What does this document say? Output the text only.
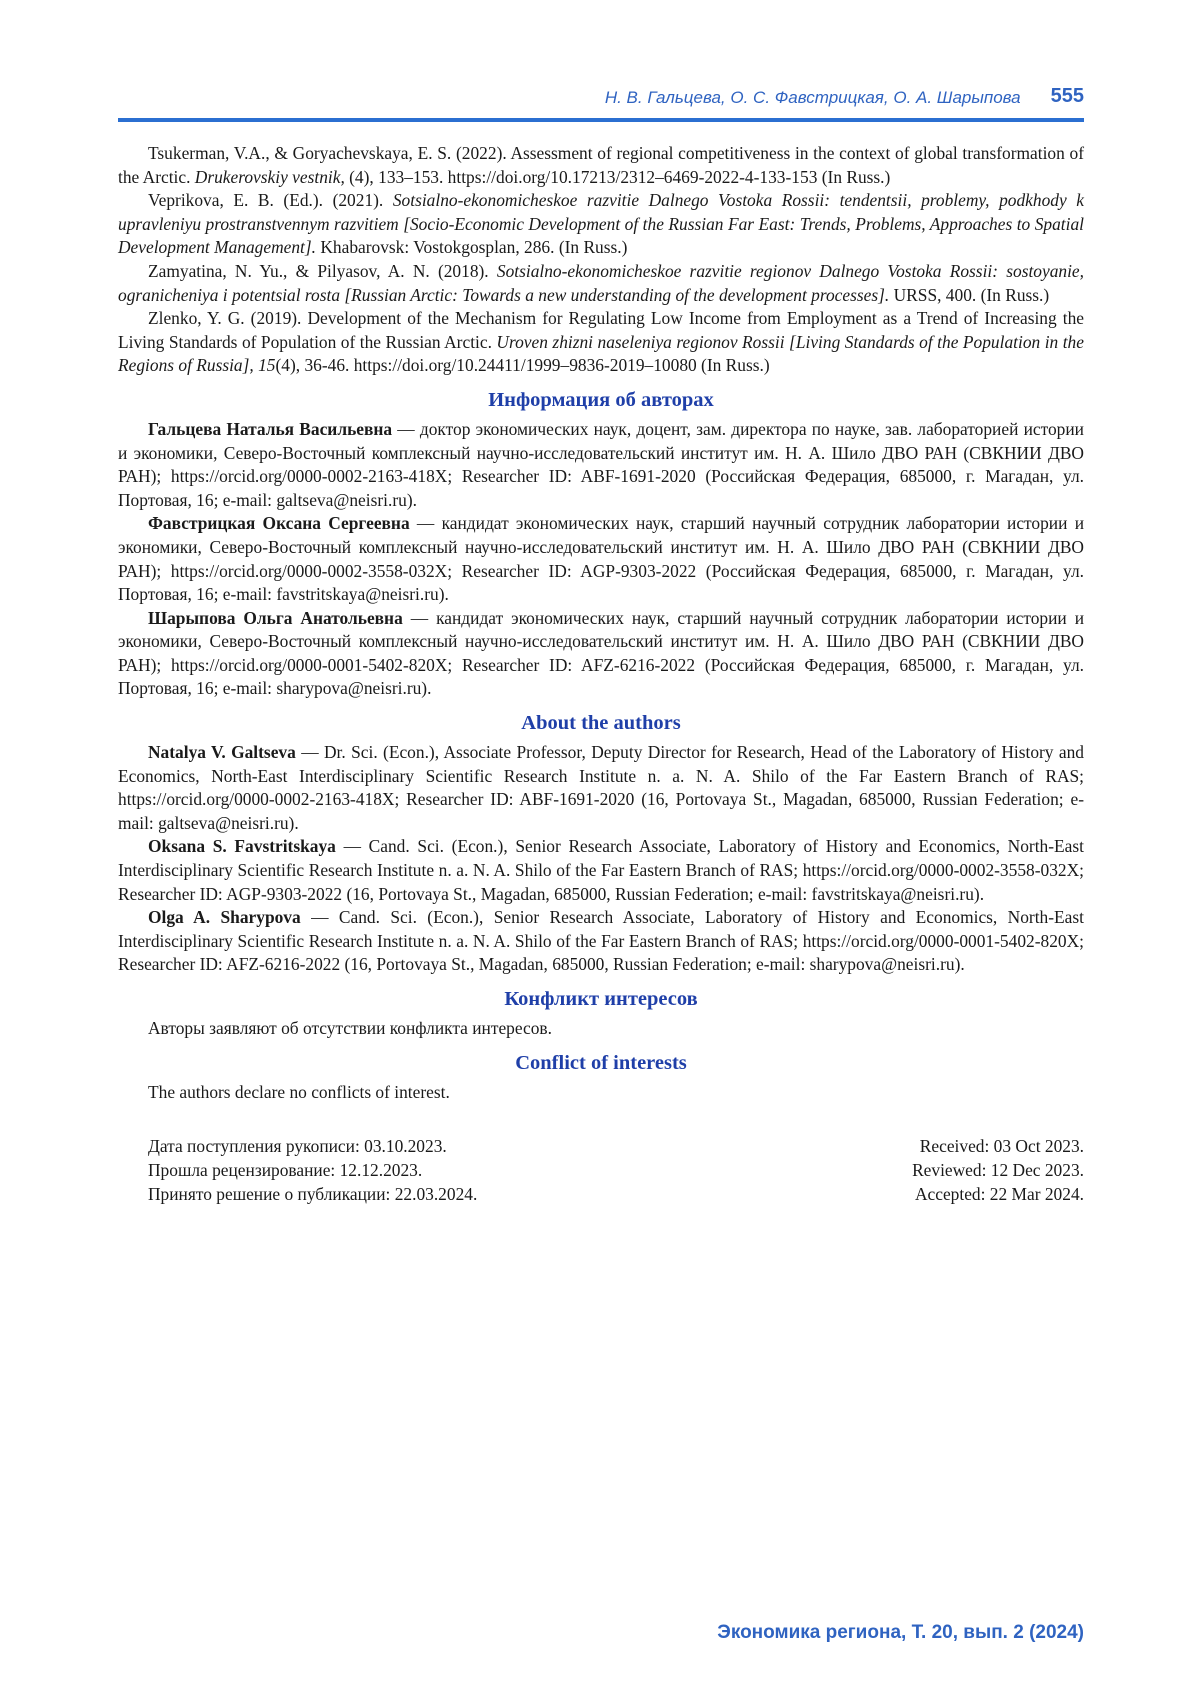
Н. В. Гальцева, О. С. Фавстрицкая, О. А. Шарыпова 555

Tsukerman, V.A., & Goryachevskaya, E. S. (2022). Assessment of regional competitiveness in the context of global transformation of the Arctic. Drukerovskiy vestnik, (4), 133–153. https://doi.org/10.17213/2312–6469-2022-4-133-153 (In Russ.)

Veprikova, E. B. (Ed.). (2021). Sotsialno-ekonomicheskoe razvitie Dalnego Vostoka Rossii: tendentsii, problemy, podkhody k upravleniyu prostranstvennym razvitiem [Socio-Economic Development of the Russian Far East: Trends, Problems, Approaches to Spatial Development Management]. Khabarovsk: Vostokgosplan, 286. (In Russ.)

Zamyatina, N. Yu., & Pilyasov, A. N. (2018). Sotsialno-ekonomicheskoe razvitie regionov Dalnego Vostoka Rossii: sostoyanie, ogranicheniya i potentsial rosta [Russian Arctic: Towards a new understanding of the development processes]. URSS, 400. (In Russ.)

Zlenko, Y. G. (2019). Development of the Mechanism for Regulating Low Income from Employment as a Trend of Increasing the Living Standards of Population of the Russian Arctic. Uroven zhizni naseleniya regionov Rossii [Living Standards of the Population in the Regions of Russia], 15(4), 36-46. https://doi.org/10.24411/1999–9836-2019–10080 (In Russ.)

Информация об авторах

Гальцева Наталья Васильевна — доктор экономических наук, доцент, зам. директора по науке, зав. лабораторией истории и экономики, Северо-Восточный комплексный научно-исследовательский институт им. Н. А. Шило ДВО РАН (СВКНИИ ДВО РАН); https://orcid.org/0000-0002-2163-418X; Researcher ID: ABF-1691-2020 (Российская Федерация, 685000, г. Магадан, ул. Портовая, 16; e-mail: galtseva@neisri.ru).

Фавстрицкая Оксана Сергеевна — кандидат экономических наук, старший научный сотрудник лаборатории истории и экономики, Северо-Восточный комплексный научно-исследовательский институт им. Н. А. Шило ДВО РАН (СВКНИИ ДВО РАН); https://orcid.org/0000-0002-3558-032X; Researcher ID: AGP-9303-2022 (Российская Федерация, 685000, г. Магадан, ул. Портовая, 16; e-mail: favstritskaya@neisri.ru).

Шарыпова Ольга Анатольевна — кандидат экономических наук, старший научный сотрудник лаборатории истории и экономики, Северо-Восточный комплексный научно-исследовательский институт им. Н. А. Шило ДВО РАН (СВКНИИ ДВО РАН); https://orcid.org/0000-0001-5402-820X; Researcher ID: AFZ-6216-2022 (Российская Федерация, 685000, г. Магадан, ул. Портовая, 16; e-mail: sharypova@neisri.ru).

About the authors

Natalya V. Galtseva — Dr. Sci. (Econ.), Associate Professor, Deputy Director for Research, Head of the Laboratory of History and Economics, North-East Interdisciplinary Scientific Research Institute n. a. N. A. Shilo of the Far Eastern Branch of RAS; https://orcid.org/0000-0002-2163-418X; Researcher ID: ABF-1691-2020 (16, Portovaya St., Magadan, 685000, Russian Federation; e-mail: galtseva@neisri.ru).

Oksana S. Favstritskaya — Cand. Sci. (Econ.), Senior Research Associate, Laboratory of History and Economics, North-East Interdisciplinary Scientific Research Institute n. a. N. A. Shilo of the Far Eastern Branch of RAS; https://orcid.org/0000-0002-3558-032X; Researcher ID: AGP-9303-2022 (16, Portovaya St., Magadan, 685000, Russian Federation; e-mail: favstritskaya@neisri.ru).

Olga A. Sharypova — Cand. Sci. (Econ.), Senior Research Associate, Laboratory of History and Economics, North-East Interdisciplinary Scientific Research Institute n. a. N. A. Shilo of the Far Eastern Branch of RAS; https://orcid.org/0000-0001-5402-820X; Researcher ID: AFZ-6216-2022 (16, Portovaya St., Magadan, 685000, Russian Federation; e-mail: sharypova@neisri.ru).

Конфликт интересов

Авторы заявляют об отсутствии конфликта интересов.

Conflict of interests

The authors declare no conflicts of interest.

Дата поступления рукописи: 03.10.2023.
Прошла рецензирование: 12.12.2023.
Принято решение о публикации: 22.03.2024.
Received: 03 Oct 2023.
Reviewed: 12 Dec 2023.
Accepted: 22 Mar 2024.
Экономика региона, Т. 20, вып. 2 (2024)
